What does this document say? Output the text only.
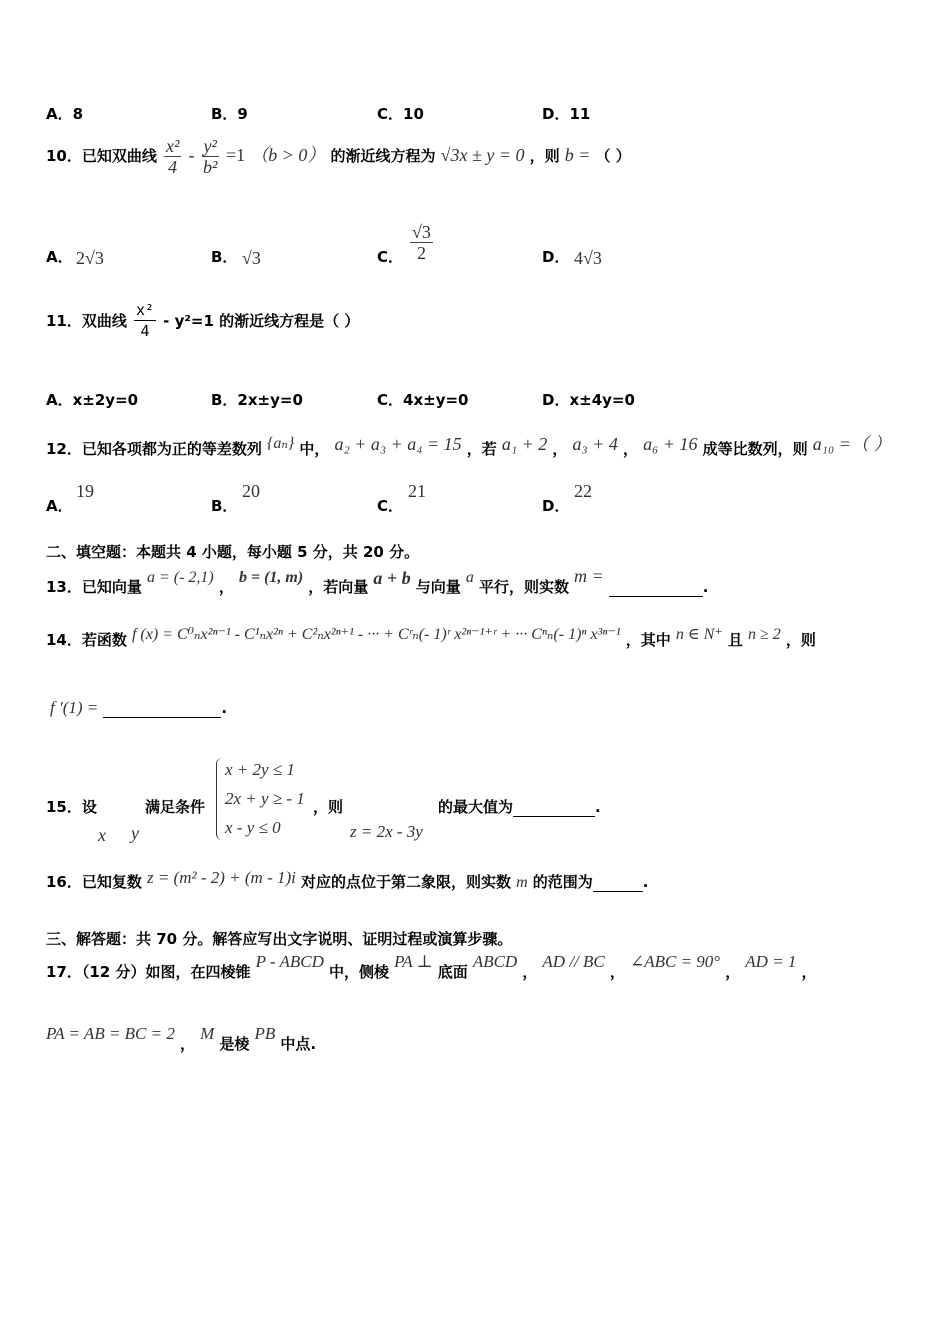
A．8	B．9	C．10	D．11
10．已知双曲线 $\frac{\text{x²}}{4} - \frac{\text{y²}}{\text{b²}} =1$ （b > 0） 的渐近线方程为 √3x ± y = 0 ，则 b = （ ）
A． 2√3	B． √3	C． $\frac{√3}{2}$	D． 4√3
11．双曲线 $\frac{\text{x²}}{4} - y^2=1$ 的渐近线方程是（ ）
A．x±2y=0	B．2x±y=0	C．4x±y=0	D．x±4y=0
12．已知各项都为正的等差数列 {aₙ} 中， a₂ + a₃ + a₄ = 15 ，若 a₁ + 2 ， a₃ + 4 ， a₆ + 16 成等比数列，则 a₁₀ =（ ）
A．
19
B．
20
C．
21
D．
22
二、填空题：本题共 4 小题，每小题 5 分，共 20 分。
13．已知向量 a = (- 2,1) ， b = (1, m) ，若向量 a + b 与向量 a 平行，则实数 m = .
14．若函数 f (x) = C⁰ₙx²ⁿ⁻¹ - C¹ₙx²ⁿ + C²ₙx²ⁿ⁺¹ - ··· + Cʳₙ(- 1)ʳ x²ⁿ⁻¹⁺ʳ + ··· Cⁿₙ(- 1)ⁿ x³ⁿ⁻¹ ，其中 n ∈ N⁺ 且 n ≥ 2 ，则
f ′(1) =	.
15．设
x y
满足条件
x + 2y ≤ 1
2x + y ≥ - 1
x - y ≤ 0
，则
z = 2x - 3y
的最大值为	.
16．已知复数 z = (m² - 2) + (m - 1)i 对应的点位于第二象限，则实数 m 的范围为	.
三、解答题：共 70 分。解答应写出文字说明、证明过程或演算步骤。
17．（12 分）如图，在四棱锥 P - ABCD 中，侧棱 PA ⊥ 底面 ABCD ， AD // BC ， ∠ABC = 90° ， AD = 1 ，
PA = AB = BC = 2 ， M 是棱 PB 中点.
